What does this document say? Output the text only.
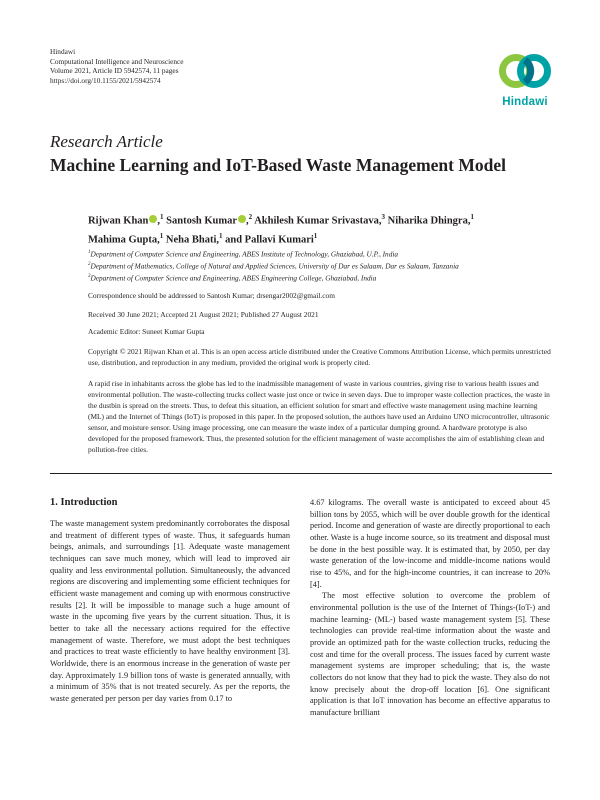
Hindawi
Computational Intelligence and Neuroscience
Volume 2021, Article ID 5942574, 11 pages
https://doi.org/10.1155/2021/5942574
Hindawi
Research Article
Machine Learning and IoT-Based Waste Management Model
Rijwan Khan ,$^1$ Santosh Kumar ,$^2$ Akhilesh Kumar Srivastava,$^3$ Niharika Dhingra,$^1$
Mahima Gupta,$^1$ Neha Bhati,$^1$ and Pallavi Kumari$^1$
$^1$Department of Computer Science and Engineering, ABES Institute of Technology, Ghaziabad, U.P., India
$^2$Department of Mathematics, College of Natural and Applied Sciences, University of Dar es Salaam, Dar es Salaam, Tanzania
$^3$Department of Computer Science and Engineering, ABES Engineering College, Ghaziabad, India
Correspondence should be addressed to Santosh Kumar; drsengar2002@gmail.com
Received 30 June 2021; Accepted 21 August 2021; Published 27 August 2021
Academic Editor: Suneet Kumar Gupta
Copyright © 2021 Rijwan Khan et al. This is an open access article distributed under the Creative Commons Attribution License, which permits unrestricted use, distribution, and reproduction in any medium, provided the original work is properly cited.
A rapid rise in inhabitants across the globe has led to the inadmissible management of waste in various countries, giving rise to various health issues and environmental pollution. The waste-collecting trucks collect waste just once or twice in seven days. Due to improper waste collection practices, the waste in the dustbin is spread on the streets. Thus, to defeat this situation, an efficient solution for smart and effective waste management using machine learning (ML) and the Internet of Things (IoT) is proposed in this paper. In the proposed solution, the authors have used an Arduino UNO microcontroller, ultrasonic sensor, and moisture sensor. Using image processing, one can measure the waste index of a particular dumping ground. A hardware prototype is also developed for the proposed framework. Thus, the presented solution for the efficient management of waste accomplishes the aim of establishing clean and pollution-free cities.
1. Introduction

The waste management system predominantly corroborates the disposal and treatment of different types of waste. Thus, it safeguards human beings, animals, and surroundings [1]. Adequate waste management techniques can save much money, which will lead to improved air quality and less environmental pollution. Simultaneously, the advanced regions are discovering and implementing some efficient techniques for efficient waste management and coming up with enormous constructive results [2]. It will be impossible to manage such a huge amount of waste in the upcoming five years by the current situation. Thus, it is better to take all the necessary actions required for the effective management of waste. Therefore, we must adopt the best techniques and practices to treat waste efficiently to have healthy environment [3]. Worldwide, there is an enormous increase in the generation of waste per day. Approximately 1.9 billion tons of waste is generated annually, with a minimum of 35% that is not treated securely. As per the reports, the waste generated per person per day varies from 0.17 to

4.67 kilograms. The overall waste is anticipated to exceed about 45 billion tons by 2055, which will be over double growth for the identical period. Income and generation of waste are directly proportional to each other. Waste is a huge income source, so its treatment and disposal must be done in the best possible way. It is estimated that, by 2050, per day waste generation of the low-income and middle-income nations would rise to 45%, and for the high-income countries, it can increase to 20% [4].

The most effective solution to overcome the problem of environmental pollution is the use of the Internet of Things-(IoT-) and machine learning- (ML-) based waste management system [5]. These technologies can provide real-time information about the waste and provide an optimized path for the waste collection trucks, reducing the cost and time for the overall process. The issues faced by current waste management systems are improper scheduling; that is, the waste collectors do not know that they had to pick the waste. They also do not know precisely about the drop-off location [6]. One significant application is that IoT innovation has become an effective apparatus to manufacture brilliant
